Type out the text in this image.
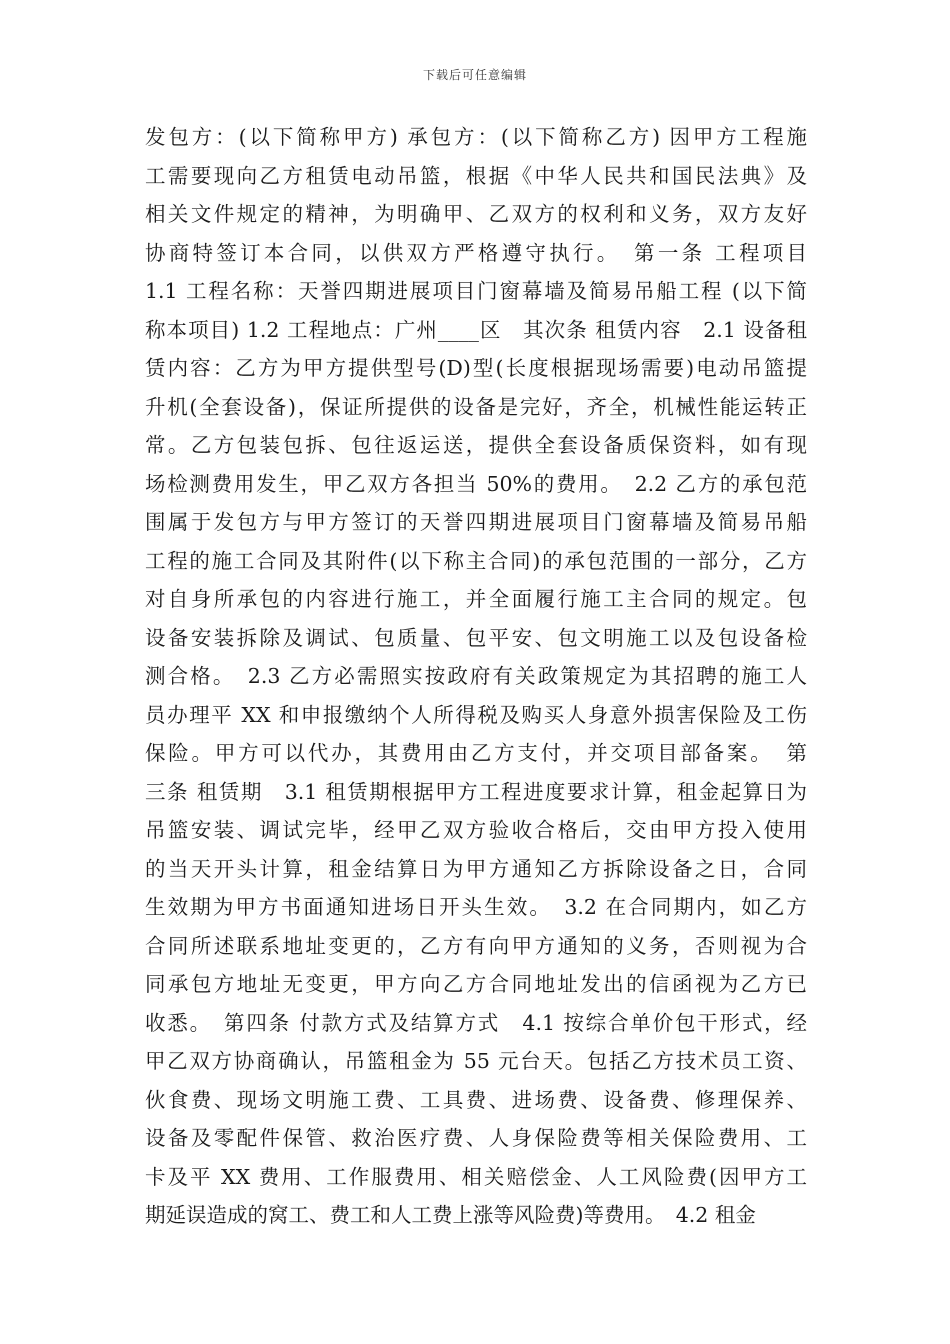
下载后可任意编辑
发包方：(以下简称甲方) 承包方：(以下简称乙方) 因甲方工程施
工需要现向乙方租赁电动吊篮，根据《中华人民共和国民法典》及
相关文件规定的精神，为明确甲、乙双方的权利和义务，双方友好
协商特签订本合同，以供双方严格遵守执行。　第一条 工程项目
1.1 工程名称：天誉四期进展项目门窗幕墙及简易吊船工程 (以下简
称本项目) 1.2 工程地点：广州____区　其次条 租赁内容　2.1 设备租
赁内容：乙方为甲方提供型号(D)型(长度根据现场需要)电动吊篮提
升机(全套设备)，保证所提供的设备是完好，齐全，机械性能运转正
常。乙方包装包拆、包往返运送，提供全套设备质保资料，如有现
场检测费用发生，甲乙双方各担当 50%的费用。　2.2 乙方的承包范
围属于发包方与甲方签订的天誉四期进展项目门窗幕墙及简易吊船
工程的施工合同及其附件(以下称主合同)的承包范围的一部分，乙方
对自身所承包的内容进行施工，并全面履行施工主合同的规定。包
设备安装拆除及调试、包质量、包平安、包文明施工以及包设备检
测合格。　2.3 乙方必需照实按政府有关政策规定为其招聘的施工人
员办理平 XX 和申报缴纳个人所得税及购买人身意外损害保险及工伤
保险。甲方可以代办，其费用由乙方支付，并交项目部备案。　第
三条 租赁期　3.1 租赁期根据甲方工程进度要求计算，租金起算日为
吊篮安装、调试完毕，经甲乙双方验收合格后，交由甲方投入使用
的当天开头计算，租金结算日为甲方通知乙方拆除设备之日，合同
生效期为甲方书面通知进场日开头生效。　3.2 在合同期内，如乙方
合同所述联系地址变更的，乙方有向甲方通知的义务，否则视为合
同承包方地址无变更，甲方向乙方合同地址发出的信函视为乙方已
收悉。　第四条 付款方式及结算方式　4.1 按综合单价包干形式，经
甲乙双方协商确认，吊篮租金为 55 元台天。包括乙方技术员工资、
伙食费、现场文明施工费、工具费、进场费、设备费、修理保养、
设备及零配件保管、救治医疗费、人身保险费等相关保险费用、工
卡及平 XX 费用、工作服费用、相关赔偿金、人工风险费(因甲方工
期延误造成的窝工、费工和人工费上涨等风险费)等费用。　4.2 租金
